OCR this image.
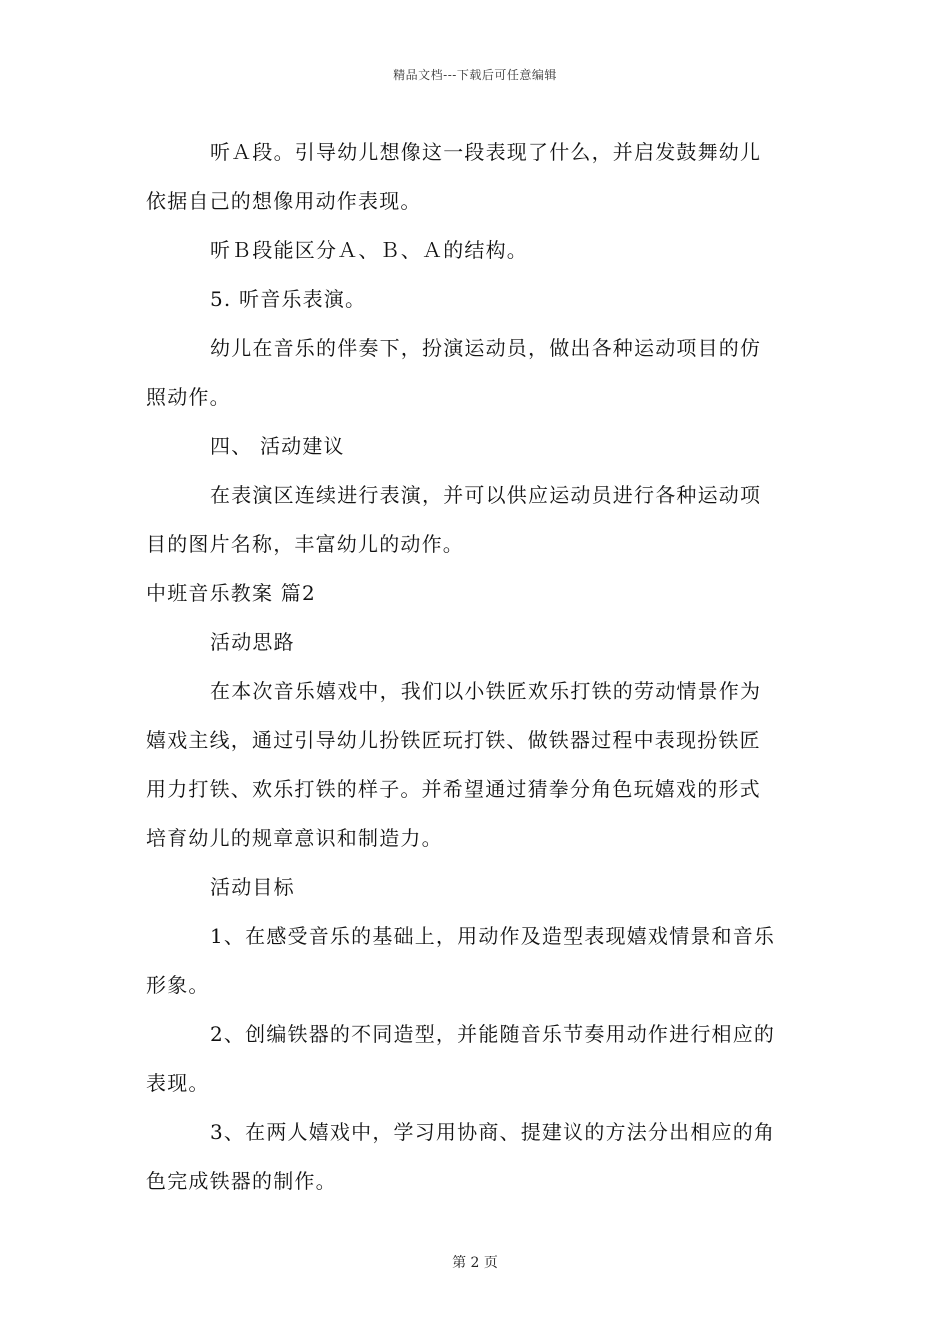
精品文档---下载后可任意编辑
听Ａ段。引导幼儿想像这一段表现了什么，并启发鼓舞幼儿
依据自己的想像用动作表现。
听Ｂ段能区分Ａ、Ｂ、Ａ的结构。
5. 听音乐表演。
幼儿在音乐的伴奏下，扮演运动员，做出各种运动项目的仿
照动作。
四、 活动建议
在表演区连续进行表演，并可以供应运动员进行各种运动项
目的图片名称，丰富幼儿的动作。
中班音乐教案 篇2
活动思路
在本次音乐嬉戏中，我们以小铁匠欢乐打铁的劳动情景作为
嬉戏主线，通过引导幼儿扮铁匠玩打铁、做铁器过程中表现扮铁匠
用力打铁、欢乐打铁的样子。并希望通过猜拳分角色玩嬉戏的形式
培育幼儿的规章意识和制造力。
活动目标
1、在感受音乐的基础上，用动作及造型表现嬉戏情景和音乐
形象。
2、创编铁器的不同造型，并能随音乐节奏用动作进行相应的
表现。
3、在两人嬉戏中，学习用协商、提建议的方法分出相应的角
色完成铁器的制作。
第 2 页
